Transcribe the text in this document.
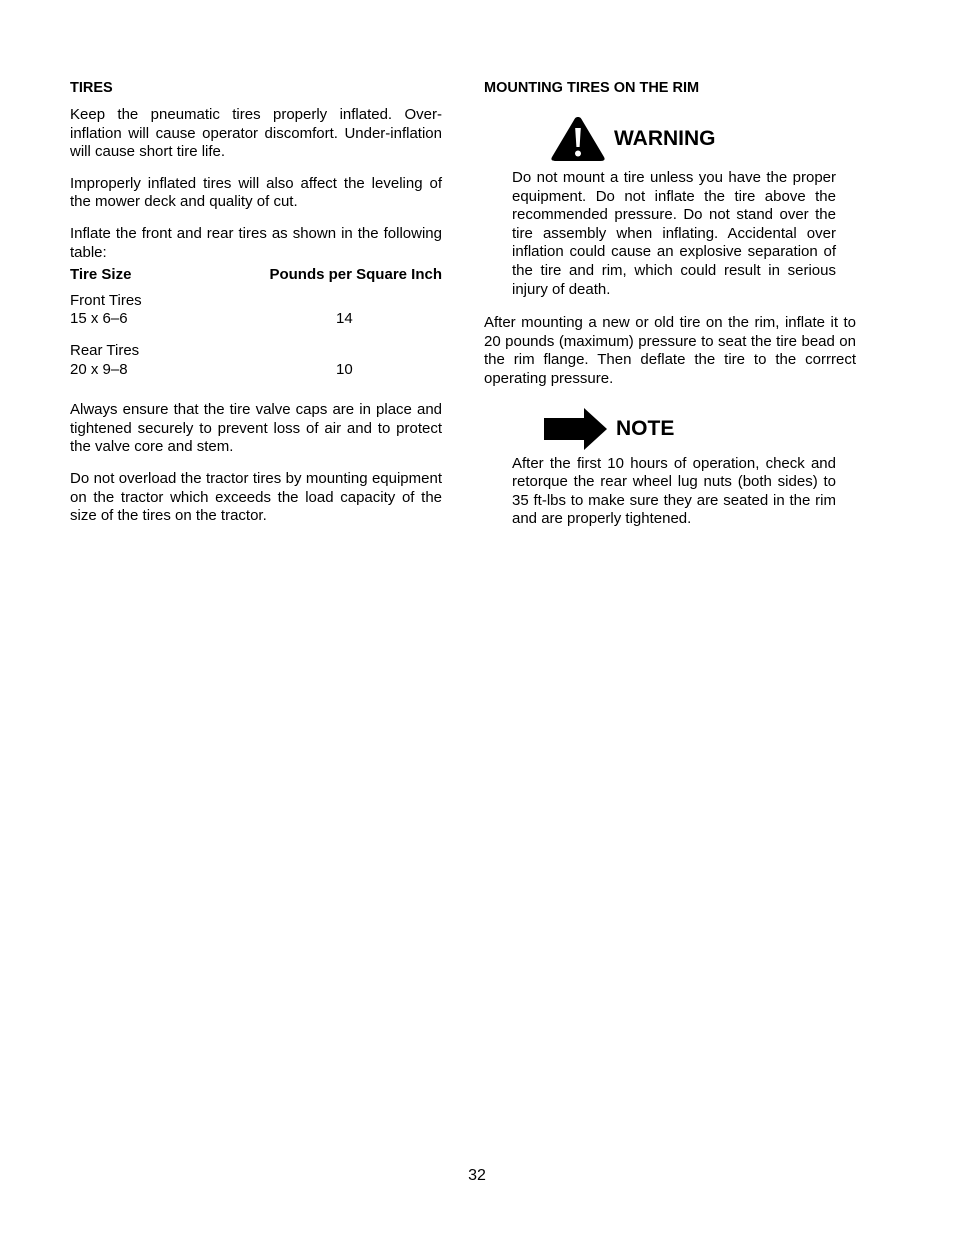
TIRES

Keep the pneumatic tires properly inflated. Over-inflation will cause operator discomfort. Under-inflation will cause short tire life.

Improperly inflated tires will also affect the leveling of the mower deck and quality of cut.

Inflate the front and rear tires as shown in the following table:

Tire Size	Pounds per Square Inch
Front Tires
15 x 6–6	14
Rear Tires
20 x 9–8	10

Always ensure that the tire valve caps are in place and tightened securely to prevent loss of air and to protect the valve core and stem.

Do not overload the tractor tires by mounting equipment on the tractor which exceeds the load capacity of the size of the tires on the tractor.

MOUNTING TIRES ON THE RIM
WARNING

Do not mount a tire unless you have the proper equipment. Do not inflate the tire above the recommended pressure. Do not stand over the tire assembly when inflating. Accidental over inflation could cause an explosive separation of the tire and rim, which could result in serious injury of death.

After mounting a new or old tire on the rim, inflate it to 20 pounds (maximum) pressure to seat the tire bead on the rim flange. Then deflate the tire to the corrrect operating pressure.

NOTE

After the first 10 hours of operation, check and retorque the rear wheel lug nuts (both sides) to 35 ft-lbs to make sure they are seated in the rim and are properly tightened.

32
